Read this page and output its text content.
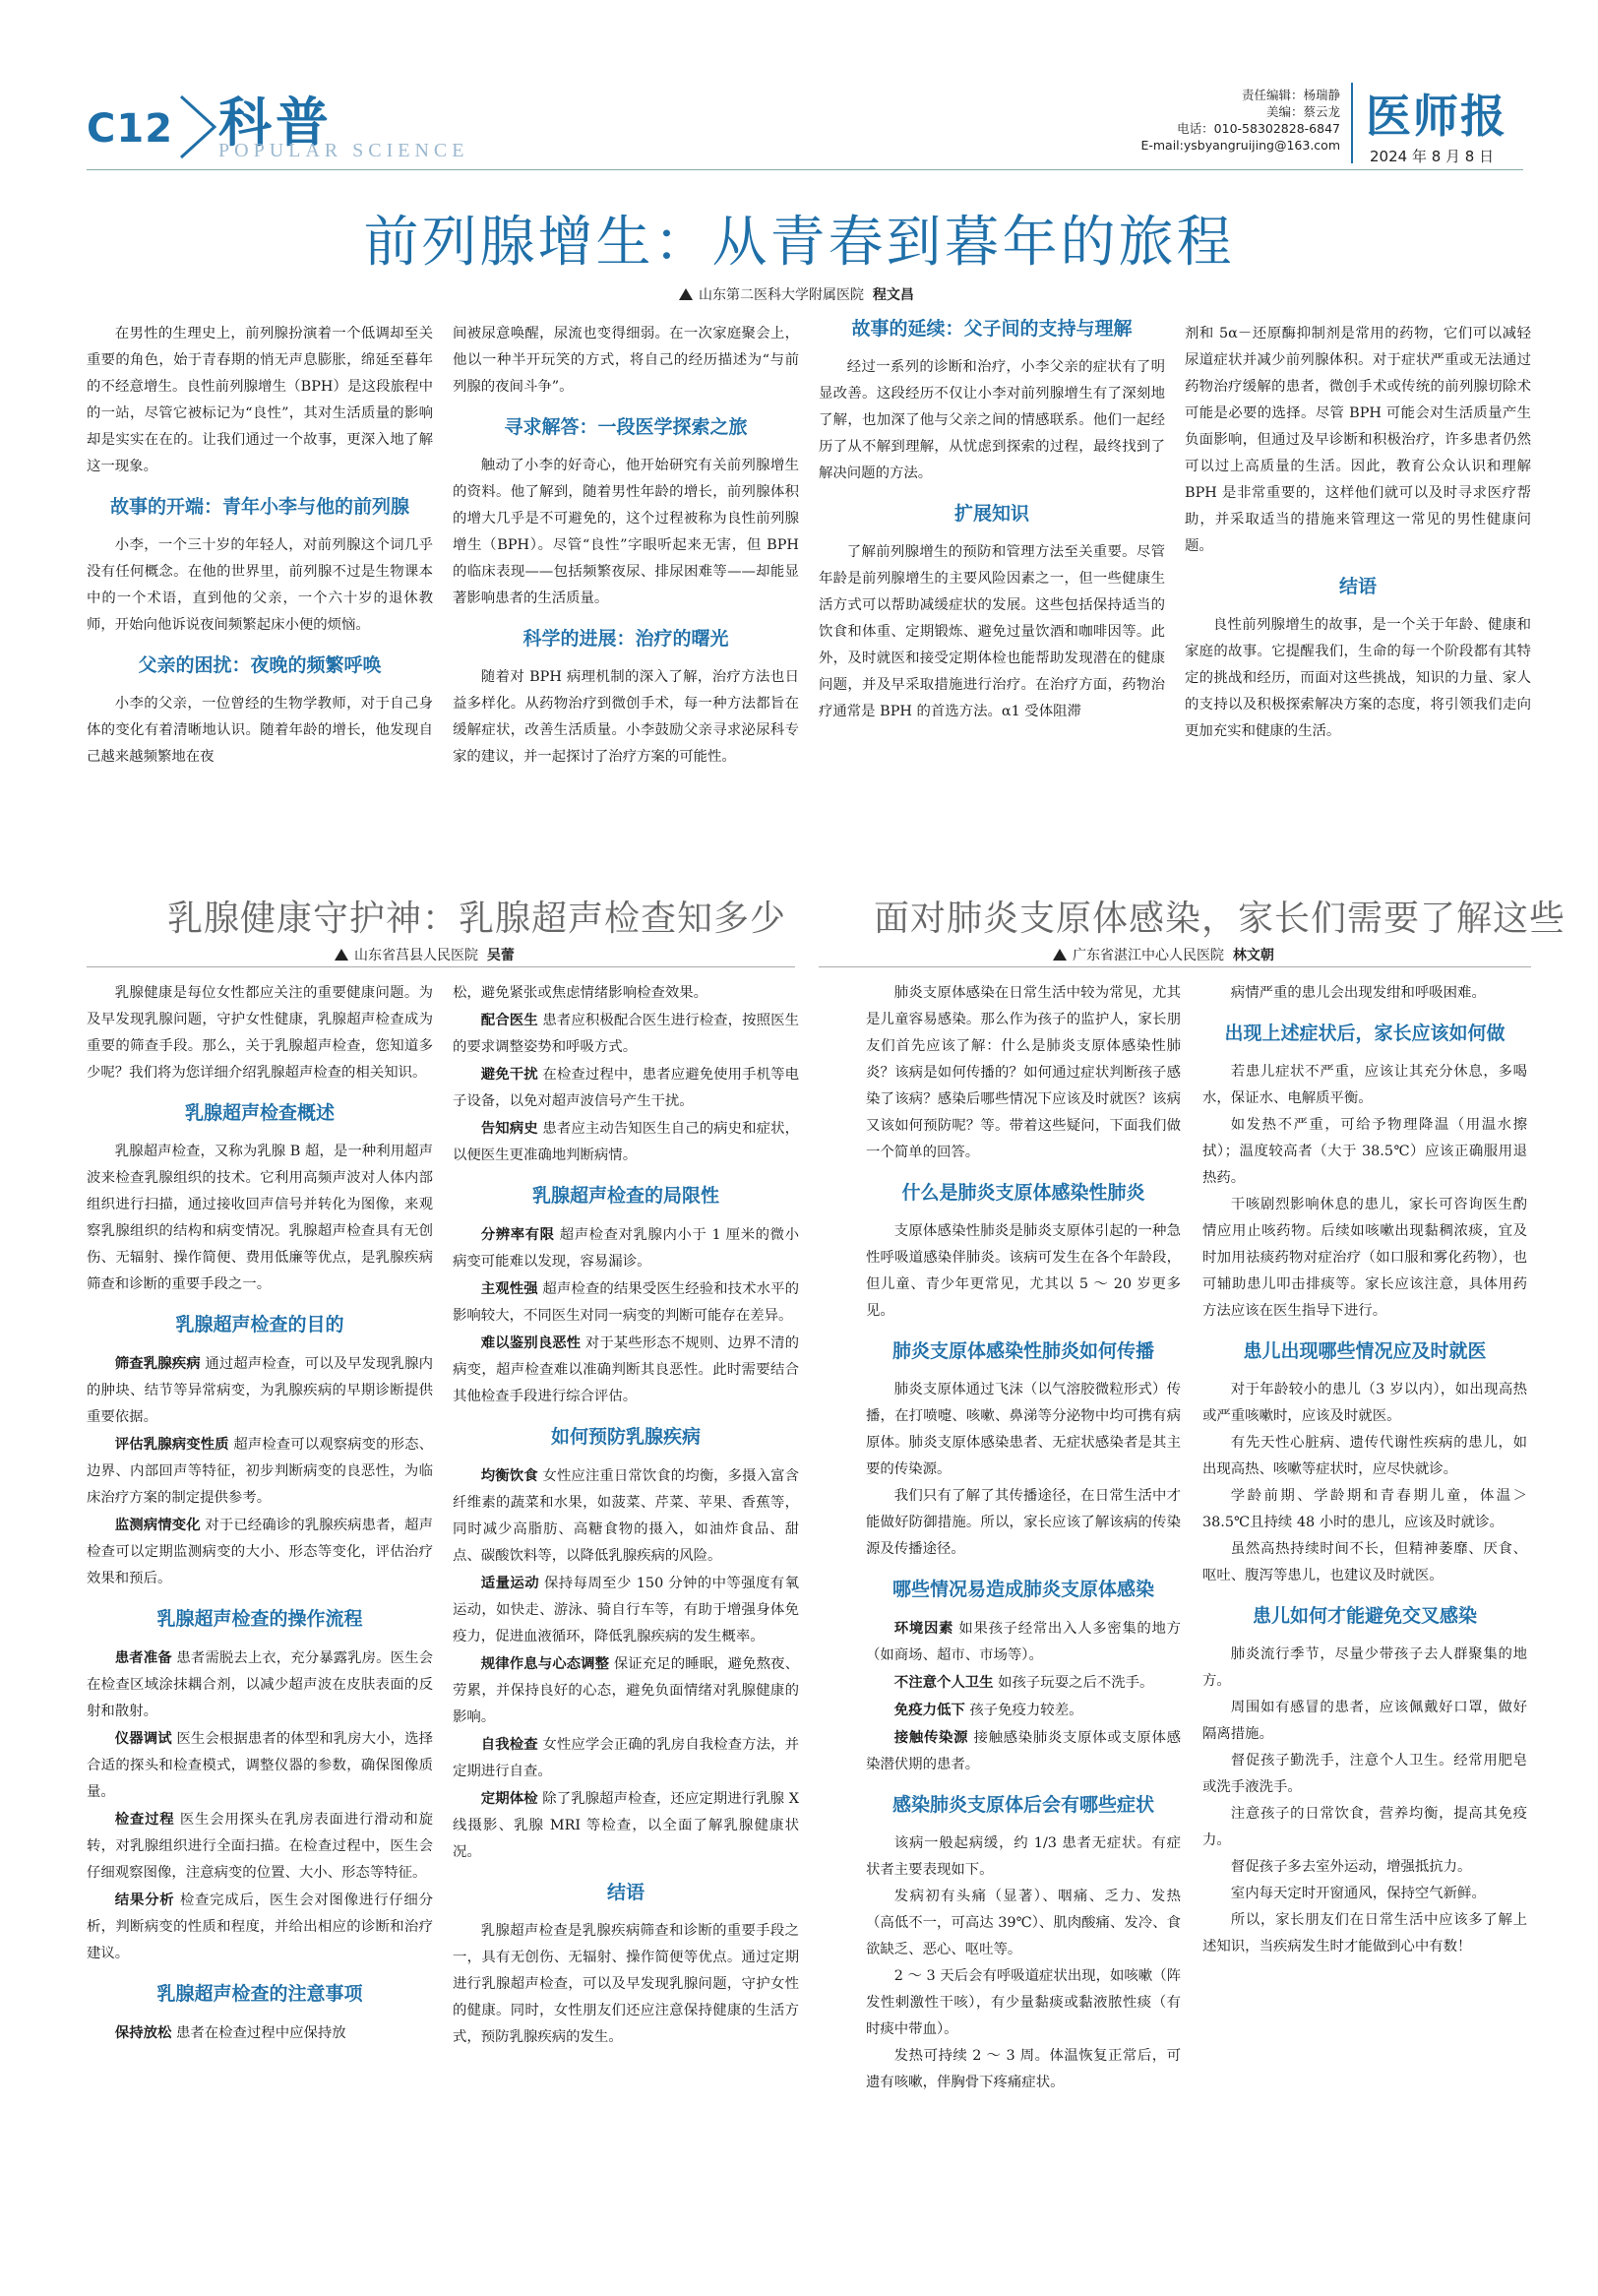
C12 科普
POPULAR SCIENCE
责任编辑：杨瑞静
美编：蔡云龙
电话：010-58302828-6847
E-mail:ysbyangruijing@163.com
医师报
2024 年 8 月 8 日
前列腺增生：从青春到暮年的旅程
山东第二医科大学附属医院 程文昌

在男性的生理史上，前列腺扮演着一个低调却至关重要的角色，始于青春期的悄无声息膨胀，绵延至暮年的不经意增生。良性前列腺增生（BPH）是这段旅程中的一站，尽管它被标记为“良性”，其对生活质量的影响却是实实在在的。让我们通过一个故事，更深入地了解这一现象。

故事的开端：青年小李与他的前列腺

小李，一个三十岁的年轻人，对前列腺这个词几乎没有任何概念。在他的世界里，前列腺不过是生物课本中的一个术语，直到他的父亲，一个六十岁的退休教师，开始向他诉说夜间频繁起床小便的烦恼。

父亲的困扰：夜晚的频繁呼唤

小李的父亲，一位曾经的生物学教师，对于自己身体的变化有着清晰地认识。随着年龄的增长，他发现自己越来越频繁地在夜

间被尿意唤醒，尿流也变得细弱。在一次家庭聚会上，他以一种半开玩笑的方式，将自己的经历描述为“与前列腺的夜间斗争”。

寻求解答：一段医学探索之旅

触动了小李的好奇心，他开始研究有关前列腺增生的资料。他了解到，随着男性年龄的增长，前列腺体积的增大几乎是不可避免的，这个过程被称为良性前列腺增生（BPH）。尽管“良性”字眼听起来无害，但 BPH 的临床表现——包括频繁夜尿、排尿困难等——却能显著影响患者的生活质量。

科学的进展：治疗的曙光

随着对 BPH 病理机制的深入了解，治疗方法也日益多样化。从药物治疗到微创手术，每一种方法都旨在缓解症状，改善生活质量。小李鼓励父亲寻求泌尿科专家的建议，并一起探讨了治疗方案的可能性。

故事的延续：父子间的支持与理解

经过一系列的诊断和治疗，小李父亲的症状有了明显改善。这段经历不仅让小李对前列腺增生有了深刻地了解，也加深了他与父亲之间的情感联系。他们一起经历了从不解到理解，从忧虑到探索的过程，最终找到了解决问题的方法。

扩展知识

了解前列腺增生的预防和管理方法至关重要。尽管年龄是前列腺增生的主要风险因素之一，但一些健康生活方式可以帮助减缓症状的发展。这些包括保持适当的饮食和体重、定期锻炼、避免过量饮酒和咖啡因等。此外，及时就医和接受定期体检也能帮助发现潜在的健康问题，并及早采取措施进行治疗。在治疗方面，药物治疗通常是 BPH 的首选方法。α1 受体阻滞

剂和 5α－还原酶抑制剂是常用的药物，它们可以减轻尿道症状并减少前列腺体积。对于症状严重或无法通过药物治疗缓解的患者，微创手术或传统的前列腺切除术可能是必要的选择。尽管 BPH 可能会对生活质量产生负面影响，但通过及早诊断和积极治疗，许多患者仍然可以过上高质量的生活。因此，教育公众认识和理解 BPH 是非常重要的，这样他们就可以及时寻求医疗帮助，并采取适当的措施来管理这一常见的男性健康问题。

结语

良性前列腺增生的故事，是一个关于年龄、健康和家庭的故事。它提醒我们，生命的每一个阶段都有其特定的挑战和经历，而面对这些挑战，知识的力量、家人的支持以及积极探索解决方案的态度，将引领我们走向更加充实和健康的生活。

乳腺健康守护神：乳腺超声检查知多少
山东省莒县人民医院 吴蕾

乳腺健康是每位女性都应关注的重要健康问题。为及早发现乳腺问题，守护女性健康，乳腺超声检查成为重要的筛查手段。那么，关于乳腺超声检查，您知道多少呢？我们将为您详细介绍乳腺超声检查的相关知识。

乳腺超声检查概述

乳腺超声检查，又称为乳腺 B 超，是一种利用超声波来检查乳腺组织的技术。它利用高频声波对人体内部组织进行扫描，通过接收回声信号并转化为图像，来观察乳腺组织的结构和病变情况。乳腺超声检查具有无创伤、无辐射、操作简便、费用低廉等优点，是乳腺疾病筛查和诊断的重要手段之一。

乳腺超声检查的目的

筛查乳腺疾病 通过超声检查，可以及早发现乳腺内的肿块、结节等异常病变，为乳腺疾病的早期诊断提供重要依据。

评估乳腺病变性质 超声检查可以观察病变的形态、边界、内部回声等特征，初步判断病变的良恶性，为临床治疗方案的制定提供参考。

监测病情变化 对于已经确诊的乳腺疾病患者，超声检查可以定期监测病变的大小、形态等变化，评估治疗效果和预后。

乳腺超声检查的操作流程

患者准备 患者需脱去上衣，充分暴露乳房。医生会在检查区域涂抹耦合剂，以减少超声波在皮肤表面的反射和散射。

仪器调试 医生会根据患者的体型和乳房大小，选择合适的探头和检查模式，调整仪器的参数，确保图像质量。

检查过程 医生会用探头在乳房表面进行滑动和旋转，对乳腺组织进行全面扫描。在检查过程中，医生会仔细观察图像，注意病变的位置、大小、形态等特征。

结果分析 检查完成后，医生会对图像进行仔细分析，判断病变的性质和程度，并给出相应的诊断和治疗建议。

乳腺超声检查的注意事项

保持放松 患者在检查过程中应保持放

松，避免紧张或焦虑情绪影响检查效果。

配合医生 患者应积极配合医生进行检查，按照医生的要求调整姿势和呼吸方式。

避免干扰 在检查过程中，患者应避免使用手机等电子设备，以免对超声波信号产生干扰。

告知病史 患者应主动告知医生自己的病史和症状，以便医生更准确地判断病情。

乳腺超声检查的局限性

分辨率有限 超声检查对乳腺内小于 1 厘米的微小病变可能难以发现，容易漏诊。

主观性强 超声检查的结果受医生经验和技术水平的影响较大，不同医生对同一病变的判断可能存在差异。

难以鉴别良恶性 对于某些形态不规则、边界不清的病变，超声检查难以准确判断其良恶性。此时需要结合其他检查手段进行综合评估。

如何预防乳腺疾病

均衡饮食 女性应注重日常饮食的均衡，多摄入富含纤维素的蔬菜和水果，如菠菜、芹菜、苹果、香蕉等，同时减少高脂肪、高糖食物的摄入，如油炸食品、甜点、碳酸饮料等，以降低乳腺疾病的风险。

适量运动 保持每周至少 150 分钟的中等强度有氧运动，如快走、游泳、骑自行车等，有助于增强身体免疫力，促进血液循环，降低乳腺疾病的发生概率。

规律作息与心态调整 保证充足的睡眠，避免熬夜、劳累，并保持良好的心态，避免负面情绪对乳腺健康的影响。

自我检查 女性应学会正确的乳房自我检查方法，并定期进行自查。

定期体检 除了乳腺超声检查，还应定期进行乳腺 X 线摄影、乳腺 MRI 等检查，以全面了解乳腺健康状况。

结语

乳腺超声检查是乳腺疾病筛查和诊断的重要手段之一，具有无创伤、无辐射、操作简便等优点。通过定期进行乳腺超声检查，可以及早发现乳腺问题，守护女性的健康。同时，女性朋友们还应注意保持健康的生活方式，预防乳腺疾病的发生。

面对肺炎支原体感染，家长们需要了解这些
广东省湛江中心人民医院 林文朝

肺炎支原体感染在日常生活中较为常见，尤其是儿童容易感染。那么作为孩子的监护人，家长朋友们首先应该了解：什么是肺炎支原体感染性肺炎？该病是如何传播的？如何通过症状判断孩子感染了该病？感染后哪些情况下应该及时就医？该病又该如何预防呢？等。带着这些疑问，下面我们做一个简单的回答。

什么是肺炎支原体感染性肺炎

支原体感染性肺炎是肺炎支原体引起的一种急性呼吸道感染伴肺炎。该病可发生在各个年龄段，但儿童、青少年更常见，尤其以 5 ～ 20 岁更多见。

肺炎支原体感染性肺炎如何传播

肺炎支原体通过飞沫（以气溶胶微粒形式）传播，在打喷嚏、咳嗽、鼻涕等分泌物中均可携有病原体。肺炎支原体感染患者、无症状感染者是其主要的传染源。

我们只有了解了其传播途径，在日常生活中才能做好防御措施。所以，家长应该了解该病的传染源及传播途径。

哪些情况易造成肺炎支原体感染

环境因素 如果孩子经常出入人多密集的地方（如商场、超市、市场等）。

不注意个人卫生 如孩子玩耍之后不洗手。

免疫力低下 孩子免疫力较差。

接触传染源 接触感染肺炎支原体或支原体感染潜伏期的患者。

感染肺炎支原体后会有哪些症状

该病一般起病缓，约 1/3 患者无症状。有症状者主要表现如下。

发病初有头痛（显著）、咽痛、乏力、发热（高低不一，可高达 39℃）、肌肉酸痛、发冷、食欲缺乏、恶心、呕吐等。

2 ～ 3 天后会有呼吸道症状出现，如咳嗽（阵发性刺激性干咳），有少量黏痰或黏液脓性痰（有时痰中带血）。

发热可持续 2 ～ 3 周。体温恢复正常后，可遗有咳嗽，伴胸骨下疼痛症状。

病情严重的患儿会出现发绀和呼吸困难。

出现上述症状后，家长应该如何做

若患儿症状不严重，应该让其充分休息，多喝水，保证水、电解质平衡。

如发热不严重，可给予物理降温（用温水擦拭）；温度较高者（大于 38.5℃）应该正确服用退热药。

干咳剧烈影响休息的患儿，家长可咨询医生酌情应用止咳药物。后续如咳嗽出现黏稠浓痰，宜及时加用祛痰药物对症治疗（如口服和雾化药物），也可辅助患儿叩击排痰等。家长应该注意，具体用药方法应该在医生指导下进行。

患儿出现哪些情况应及时就医

对于年龄较小的患儿（3 岁以内），如出现高热或严重咳嗽时，应该及时就医。

有先天性心脏病、遗传代谢性疾病的患儿，如出现高热、咳嗽等症状时，应尽快就诊。

学龄前期、学龄期和青春期儿童，体温＞ 38.5℃且持续 48 小时的患儿，应该及时就诊。

虽然高热持续时间不长，但精神萎靡、厌食、呕吐、腹泻等患儿，也建议及时就医。

患儿如何才能避免交叉感染

肺炎流行季节，尽量少带孩子去人群聚集的地方。

周围如有感冒的患者，应该佩戴好口罩，做好隔离措施。

督促孩子勤洗手，注意个人卫生。经常用肥皂或洗手液洗手。

注意孩子的日常饮食，营养均衡，提高其免疫力。

督促孩子多去室外运动，增强抵抗力。

室内每天定时开窗通风，保持空气新鲜。

所以，家长朋友们在日常生活中应该多了解上述知识，当疾病发生时才能做到心中有数！
